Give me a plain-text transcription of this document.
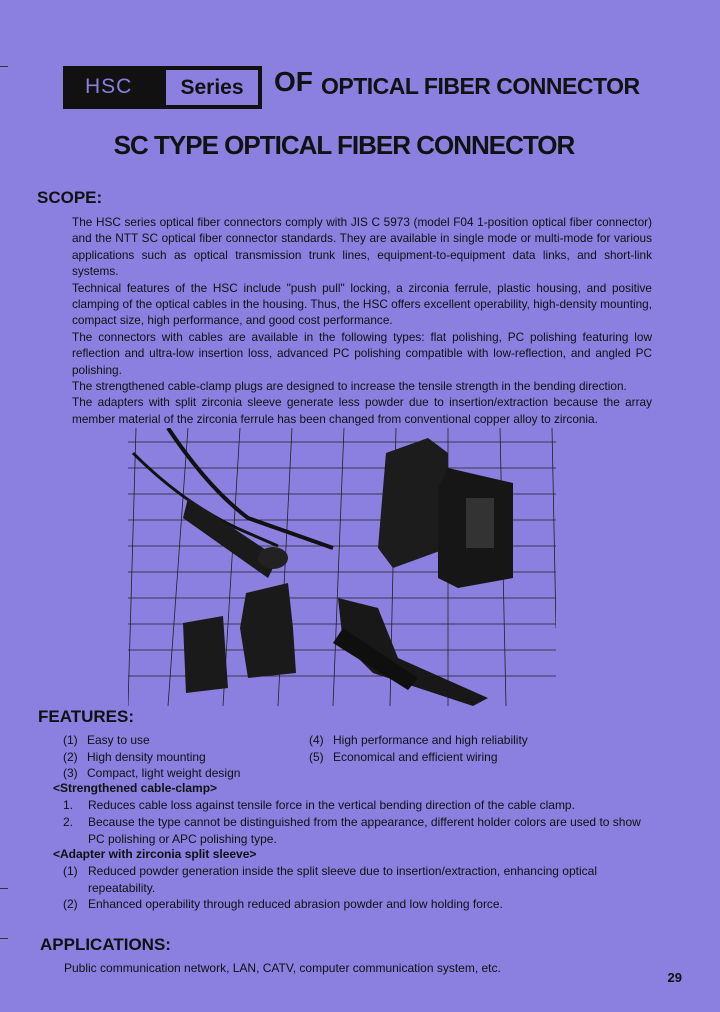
HSC	Series	OF OPTICAL FIBER CONNECTOR
SC TYPE OPTICAL FIBER CONNECTOR
SCOPE:

The HSC series optical fiber connectors comply with JIS C 5973 (model F04 1-position optical fiber connector) and the NTT SC optical fiber connector standards. They are available in single mode or multi-mode for various applications such as optical transmission trunk lines, equipment-to-equipment data links, and short-link systems.

Technical features of the HSC include "push pull" locking, a zirconia ferrule, plastic housing, and positive clamping of the optical cables in the housing. Thus, the HSC offers excellent operability, high-density mounting, compact size, high performance, and good cost performance.

The connectors with cables are available in the following types: flat polishing, PC polishing featuring low reflection and ultra-low insertion loss, advanced PC polishing compatible with low-reflection, and angled PC polishing.

The strengthened cable-clamp plugs are designed to increase the tensile strength in the bending direction.

The adapters with split zirconia sleeve generate less powder due to insertion/extraction because the array member material of the zirconia ferrule has been changed from conventional copper alloy to zirconia.

FEATURES:
(1) Easy to use
(2) High density mounting
(3) Compact, light weight design
(4) High performance and high reliability
(5) Economical and efficient wiring
<Strengthened cable-clamp>
1. Reduces cable loss against tensile force in the vertical bending direction of the cable clamp.
2. Because the type cannot be distinguished from the appearance, different holder colors are used to show PC polishing or APC polishing type.
<Adapter with zirconia split sleeve>
(1) Reduced powder generation inside the split sleeve due to insertion/extraction, enhancing optical repeatability.
(2) Enhanced operability through reduced abrasion powder and low holding force.
APPLICATIONS:
Public communication network, LAN, CATV, computer communication system, etc.
29
